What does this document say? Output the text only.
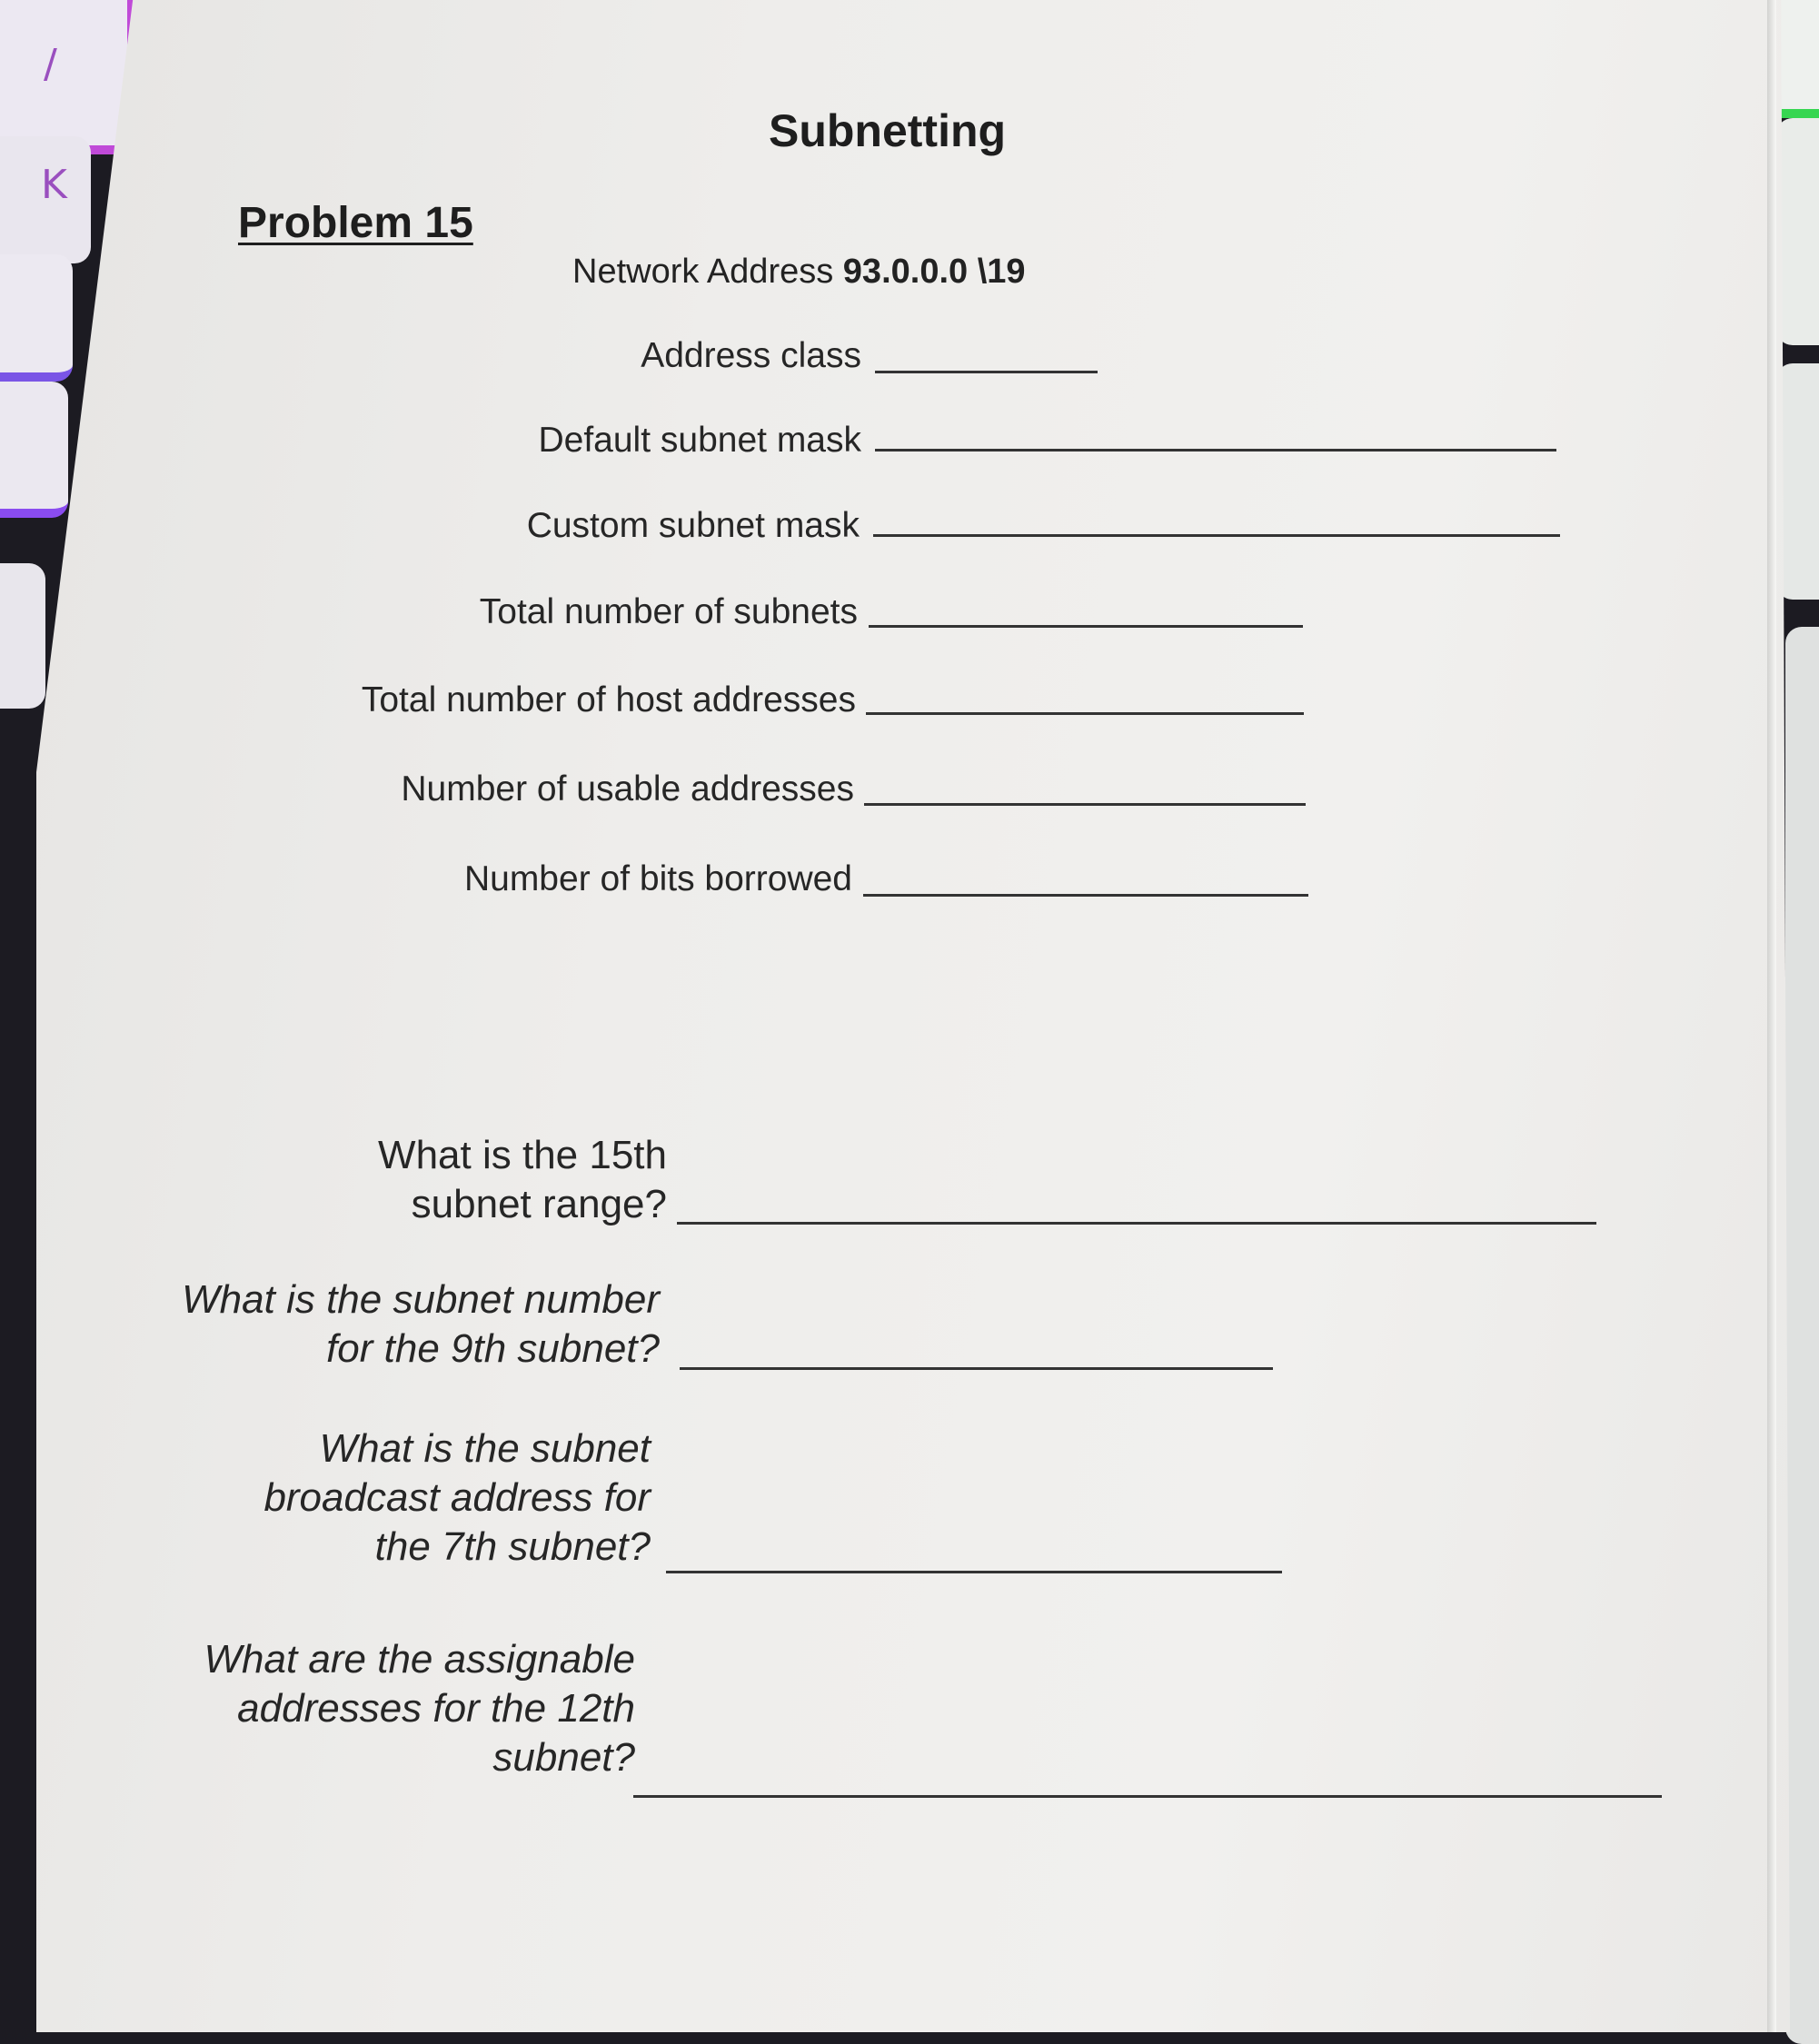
/
K
Subnetting
Problem 15
Network Address 93.0.0.0 \19
Address class
Default subnet mask
Custom subnet mask
Total number of subnets
Total number of host addresses
Number of usable addresses
Number of bits borrowed
What is the 15th
subnet range?
What is the subnet number
for the 9th subnet?
What is the subnet
broadcast address for
the 7th subnet?
What are the assignable
addresses for the 12th
subnet?
